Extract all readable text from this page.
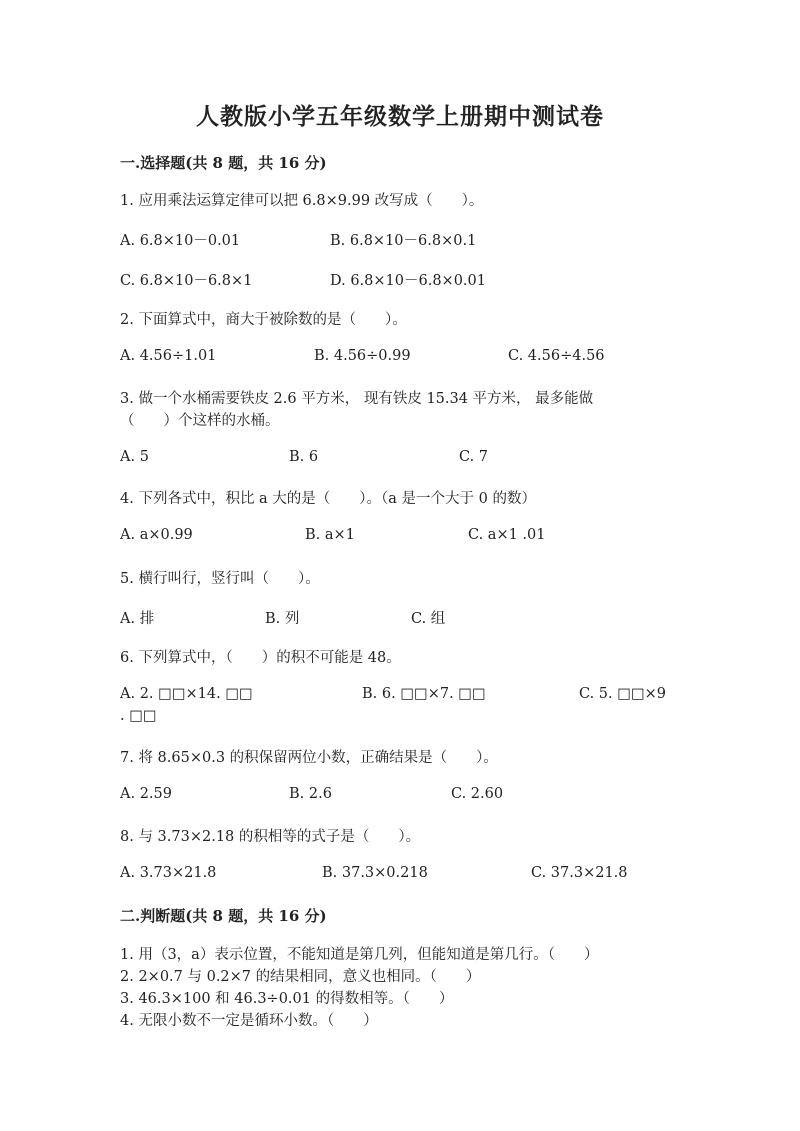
人教版小学五年级数学上册期中测试卷
一.选择题(共 8 题，共 16 分)
1. 应用乘法运算定律可以把 6.8×9.99 改写成（　　）。
A. 6.8×10－0.01	B. 6.8×10－6.8×0.1
C. 6.8×10－6.8×1	D. 6.8×10－6.8×0.01
2. 下面算式中，商大于被除数的是（　　）。
A. 4.56÷1.01	B. 4.56÷0.99	C. 4.56÷4.56
3. 做一个水桶需要铁皮 2.6 平方米， 现有铁皮 15.34 平方米， 最多能做
（　　）个这样的水桶。
A. 5	B. 6	C. 7
4. 下列各式中，积比 a 大的是（　　）。（a 是一个大于 0 的数）
A. a×0.99	B. a×1	C. a×1 .01
5. 横行叫行，竖行叫（　　）。
A. 排	B. 列	C. 组
6. 下列算式中，（　　）的积不可能是 48。
A. 2. □□×14. □□	B. 6. □□×7. □□	C. 5. □□×9
. □□
7. 将 8.65×0.3 的积保留两位小数，正确结果是（　　）。
A. 2.59	B. 2.6	C. 2.60
8. 与 3.73×2.18 的积相等的式子是（　　）。
A. 3.73×21.8	B. 37.3×0.218	C. 37.3×21.8
二.判断题(共 8 题，共 16 分)
1. 用（3，a）表示位置，不能知道是第几列，但能知道是第几行。（　　）
2. 2×0.7 与 0.2×7 的结果相同，意义也相同。（　　）
3. 46.3×100 和 46.3÷0.01 的得数相等。（　　）
4. 无限小数不一定是循环小数。（　　）
